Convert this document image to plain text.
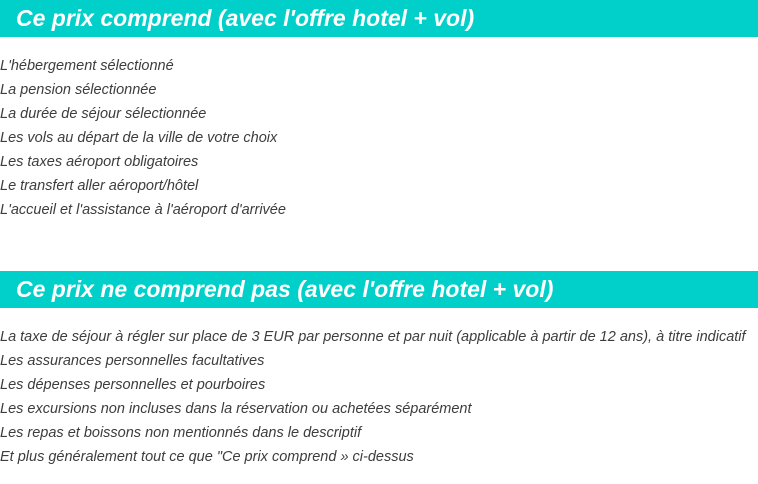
Ce prix comprend (avec l'offre hotel + vol)
L'hébergement sélectionné
La pension sélectionnée
La durée de séjour sélectionnée
Les vols au départ de la ville de votre choix
Les taxes aéroport obligatoires
Le transfert aller aéroport/hôtel
L'accueil et l'assistance à l'aéroport d'arrivée
Ce prix ne comprend pas (avec l'offre hotel + vol)
La taxe de séjour à régler sur place de 3 EUR par personne et par nuit (applicable à partir de 12 ans), à titre indicatif
Les assurances personnelles facultatives
Les dépenses personnelles et pourboires
Les excursions non incluses dans la réservation ou achetées séparément
Les repas et boissons non mentionnés dans le descriptif
Et plus généralement tout ce que "Ce prix comprend » ci-dessus
